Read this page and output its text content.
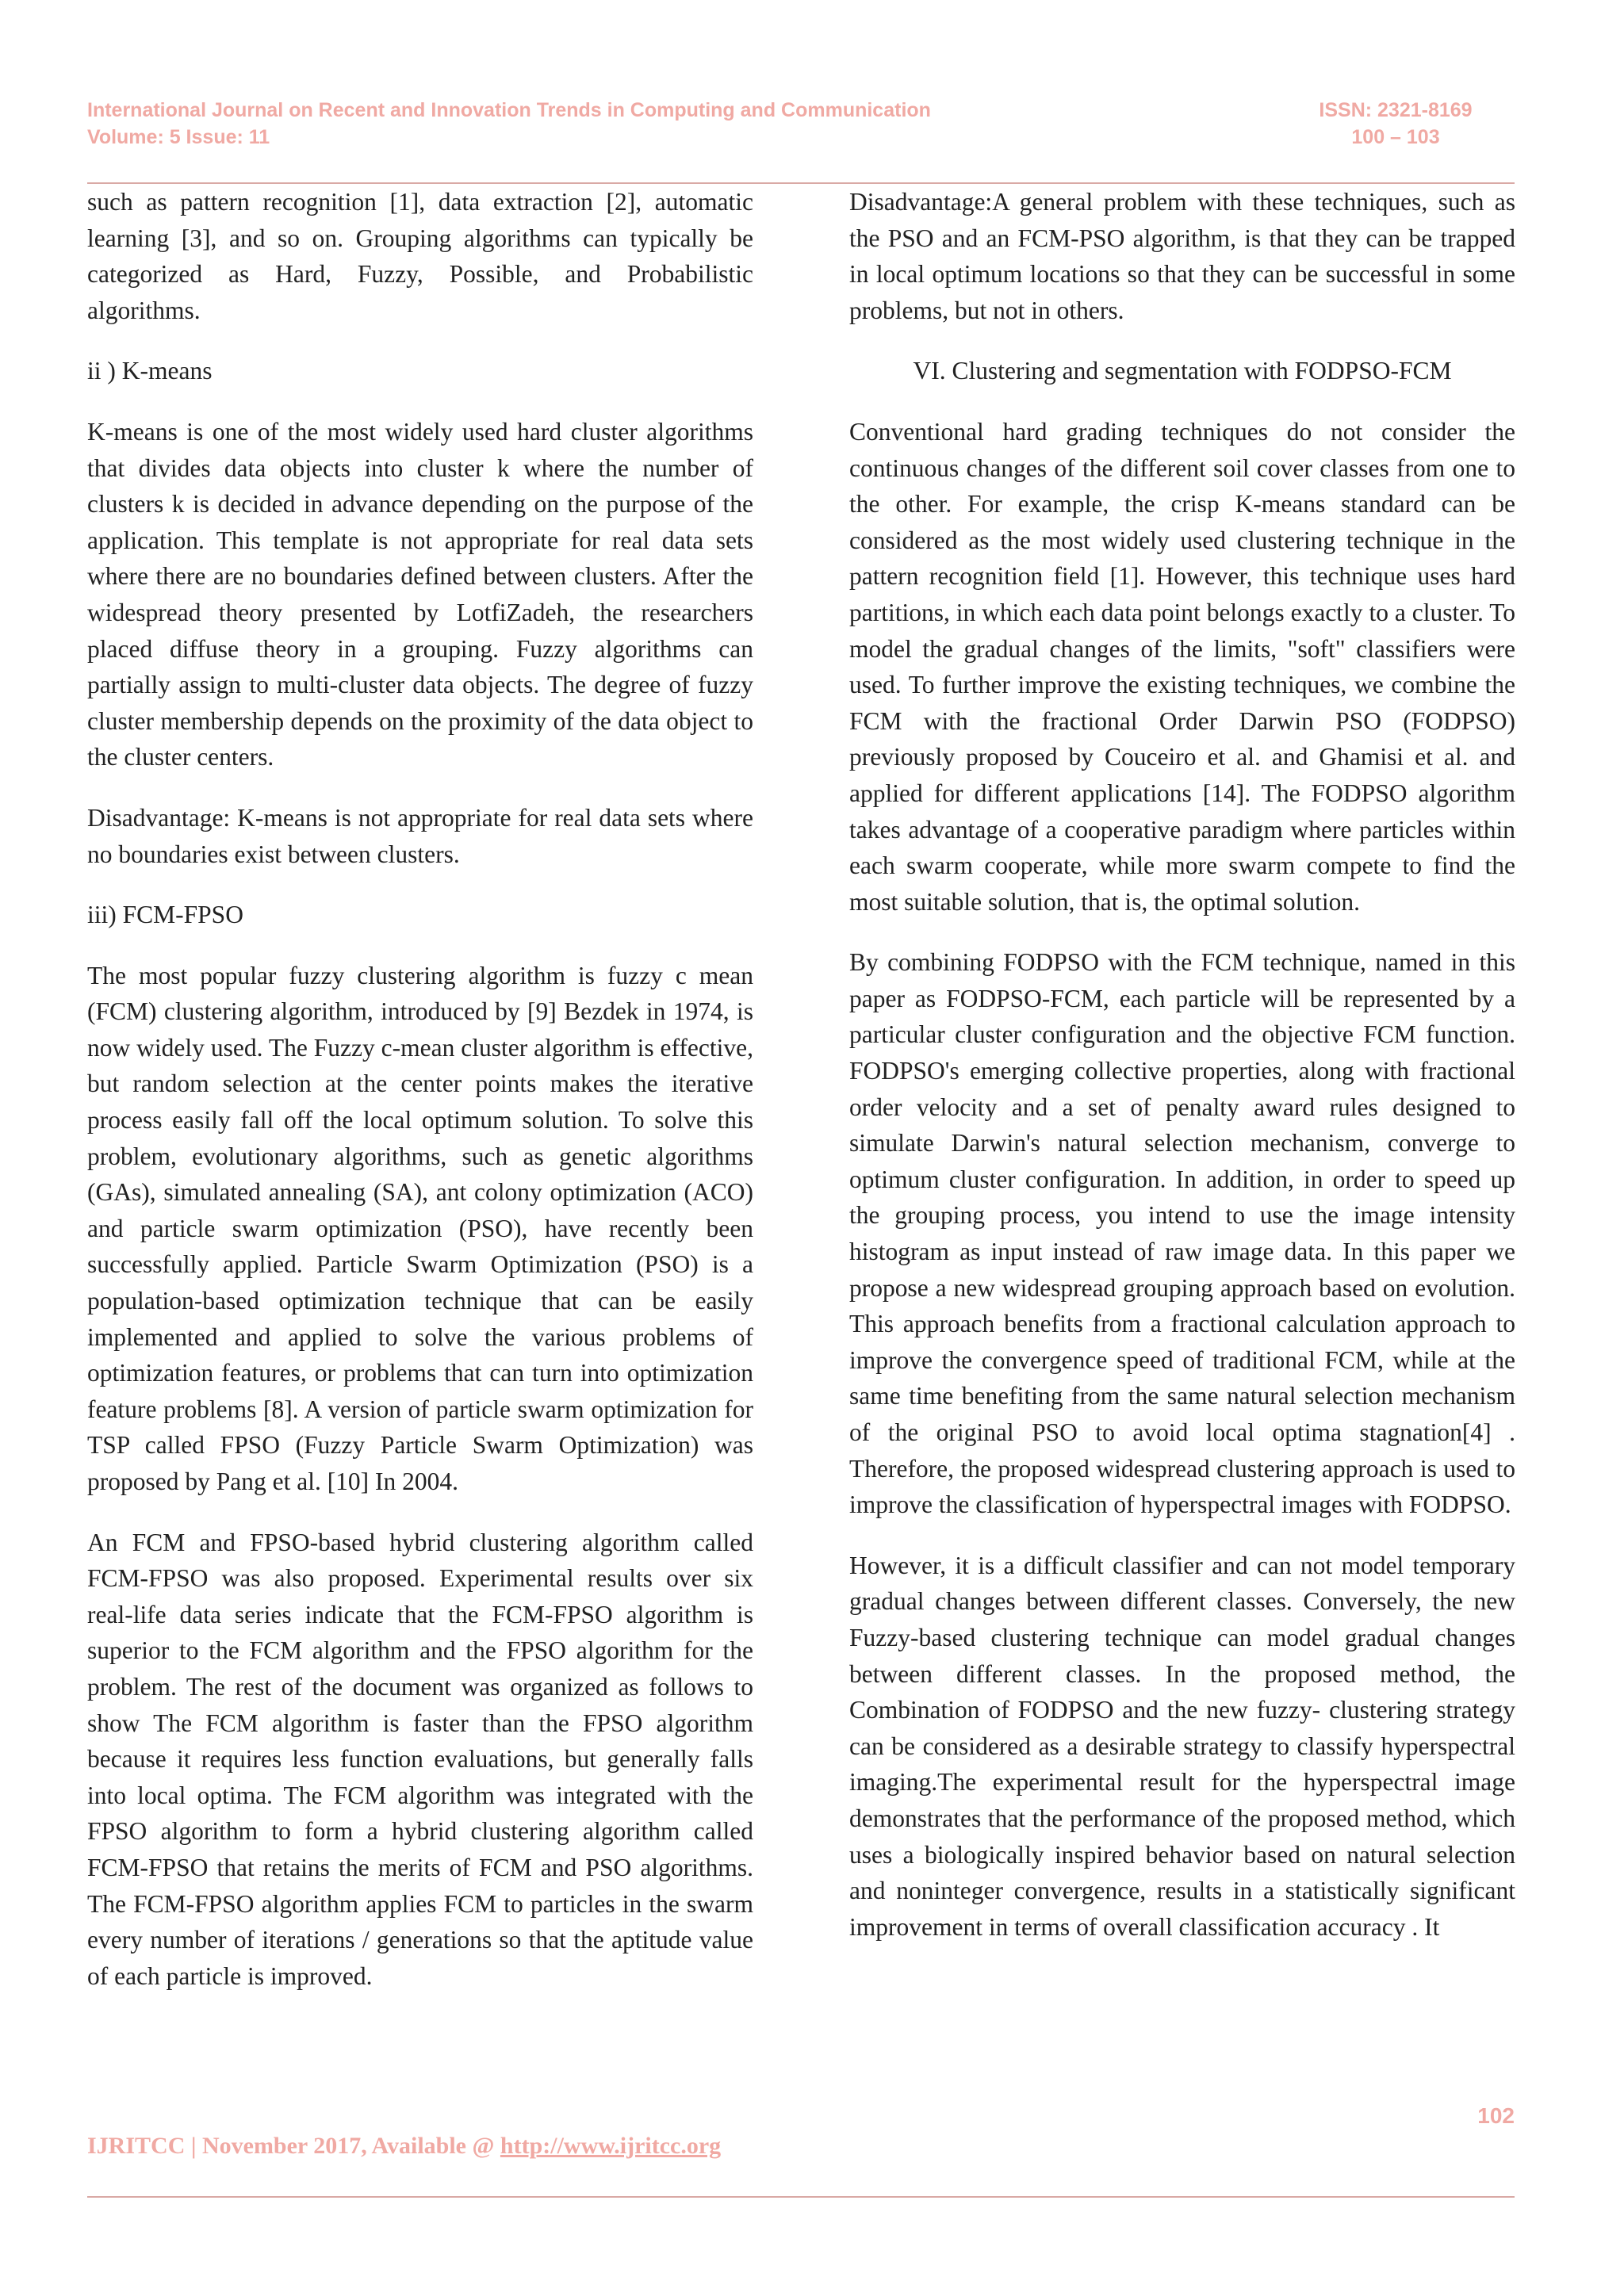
International Journal on Recent and Innovation Trends in Computing and Communication
Volume: 5 Issue: 11
ISSN: 2321-8169
100 – 103

such as pattern recognition [1], data extraction [2], automatic learning [3], and so on. Grouping algorithms can typically be categorized as Hard, Fuzzy, Possible, and Probabilistic algorithms.

ii ) K-means

K-means is one of the most widely used hard cluster algorithms that divides data objects into cluster k where the number of clusters k is decided in advance depending on the purpose of the application. This template is not appropriate for real data sets where there are no boundaries defined between clusters. After the widespread theory presented by LotfiZadeh, the researchers placed diffuse theory in a grouping. Fuzzy algorithms can partially assign to multi-cluster data objects. The degree of fuzzy cluster membership depends on the proximity of the data object to the cluster centers.

Disadvantage: K-means is not appropriate for real data sets where no boundaries exist between clusters.

iii) FCM-FPSO

The most popular fuzzy clustering algorithm is fuzzy c mean (FCM) clustering algorithm, introduced by [9] Bezdek in 1974, is now widely used. The Fuzzy c-mean cluster algorithm is effective, but random selection at the center points makes the iterative process easily fall off the local optimum solution. To solve this problem, evolutionary algorithms, such as genetic algorithms (GAs), simulated annealing (SA), ant colony optimization (ACO) and particle swarm optimization (PSO), have recently been successfully applied. Particle Swarm Optimization (PSO) is a population-based optimization technique that can be easily implemented and applied to solve the various problems of optimization features, or problems that can turn into optimization feature problems [8]. A version of particle swarm optimization for TSP called FPSO (Fuzzy Particle Swarm Optimization) was proposed by Pang et al. [10] In 2004.

An FCM and FPSO-based hybrid clustering algorithm called FCM-FPSO was also proposed. Experimental results over six real-life data series indicate that the FCM-FPSO algorithm is superior to the FCM algorithm and the FPSO algorithm for the problem. The rest of the document was organized as follows to show The FCM algorithm is faster than the FPSO algorithm because it requires less function evaluations, but generally falls into local optima. The FCM algorithm was integrated with the FPSO algorithm to form a hybrid clustering algorithm called FCM-FPSO that retains the merits of FCM and PSO algorithms. The FCM-FPSO algorithm applies FCM to particles in the swarm every number of iterations / generations so that the aptitude value of each particle is improved.

Disadvantage:A general problem with these techniques, such as the PSO and an FCM-PSO algorithm, is that they can be trapped in local optimum locations so that they can be successful in some problems, but not in others.

VI. Clustering and segmentation with FODPSO-FCM

Conventional hard grading techniques do not consider the continuous changes of the different soil cover classes from one to the other. For example, the crisp K-means standard can be considered as the most widely used clustering technique in the pattern recognition field [1]. However, this technique uses hard partitions, in which each data point belongs exactly to a cluster. To model the gradual changes of the limits, "soft" classifiers were used. To further improve the existing techniques, we combine the FCM with the fractional Order Darwin PSO (FODPSO) previously proposed by Couceiro et al. and Ghamisi et al. and applied for different applications [14]. The FODPSO algorithm takes advantage of a cooperative paradigm where particles within each swarm cooperate, while more swarm compete to find the most suitable solution, that is, the optimal solution.

By combining FODPSO with the FCM technique, named in this paper as FODPSO-FCM, each particle will be represented by a particular cluster configuration and the objective FCM function. FODPSO's emerging collective properties, along with fractional order velocity and a set of penalty award rules designed to simulate Darwin's natural selection mechanism, converge to optimum cluster configuration. In addition, in order to speed up the grouping process, you intend to use the image intensity histogram as input instead of raw image data. In this paper we propose a new widespread grouping approach based on evolution. This approach benefits from a fractional calculation approach to improve the convergence speed of traditional FCM, while at the same time benefiting from the same natural selection mechanism of the original PSO to avoid local optima stagnation[4] . Therefore, the proposed widespread clustering approach is used to improve the classification of hyperspectral images with FODPSO.

However, it is a difficult classifier and can not model temporary gradual changes between different classes. Conversely, the new Fuzzy-based clustering technique can model gradual changes between different classes. In the proposed method, the Combination of FODPSO and the new fuzzy- clustering strategy can be considered as a desirable strategy to classify hyperspectral imaging.The experimental result for the hyperspectral image demonstrates that the performance of the proposed method, which uses a biologically inspired behavior based on natural selection and noninteger convergence, results in a statistically significant improvement in terms of overall classification accuracy . It

102
IJRITCC | November 2017, Available @ http://www.ijritcc.org
